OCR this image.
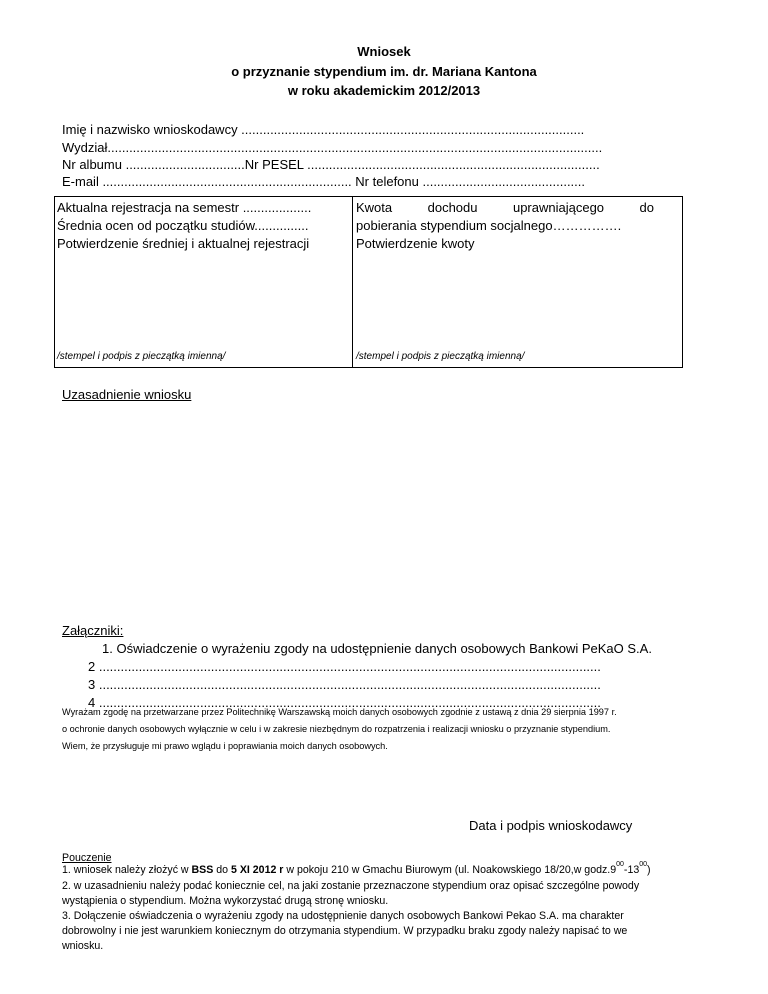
Wniosek
o przyznanie stypendium im. dr. Mariana Kantona
w roku akademickim 2012/2013
Imię i nazwisko wnioskodawcy ...............................................................................................
Wydział.........................................................................................................................................
Nr albumu .................................Nr PESEL .................................................................................
E-mail ..................................................................... Nr telefonu .............................................
Aktualna rejestracja na semestr ...................
Średnia ocen od początku studiów...............
Potwierdzenie średniej i aktualnej rejestracji
/stempel i podpis z pieczątką imienną/
Kwota	dochodu	uprawniającego	do
pobierania stypendium socjalnego…………….
Potwierdzenie kwoty
/stempel i podpis z pieczątką imienną/
Uzasadnienie wniosku
Załączniki:
1. Oświadczenie o wyrażeniu zgody na udostępnienie danych osobowych Bankowi PeKaO S.A.
2 ...........................................................................................................................................
3 ...........................................................................................................................................
4 ...........................................................................................................................................
Wyrażam zgodę na przetwarzane przez Politechnikę Warszawską moich danych osobowych zgodnie z ustawą z dnia 29 sierpnia 1997 r.
o ochronie danych osobowych wyłącznie w celu i w zakresie niezbędnym do rozpatrzenia i realizacji wniosku o przyznanie stypendium.
Wiem, że przysługuje mi prawo wglądu i poprawiania moich danych osobowych.
Data i podpis wnioskodawcy
Pouczenie
1. wniosek należy złożyć w BSS do 5 XI 2012 r w pokoju 210 w Gmachu Biurowym (ul. Noakowskiego 18/20,w $godz.9^{00}-13^{00}$)
2. w uzasadnieniu należy podać koniecznie cel, na jaki zostanie przeznaczone stypendium oraz opisać szczególne powody
wystąpienia o stypendium. Można wykorzystać drugą stronę wniosku.
3. Dołączenie oświadczenia o wyrażeniu zgody na udostępnienie danych osobowych Bankowi Pekao S.A. ma charakter
dobrowolny i nie jest warunkiem koniecznym do otrzymania stypendium. W przypadku braku zgody należy napisać to we
wniosku.
